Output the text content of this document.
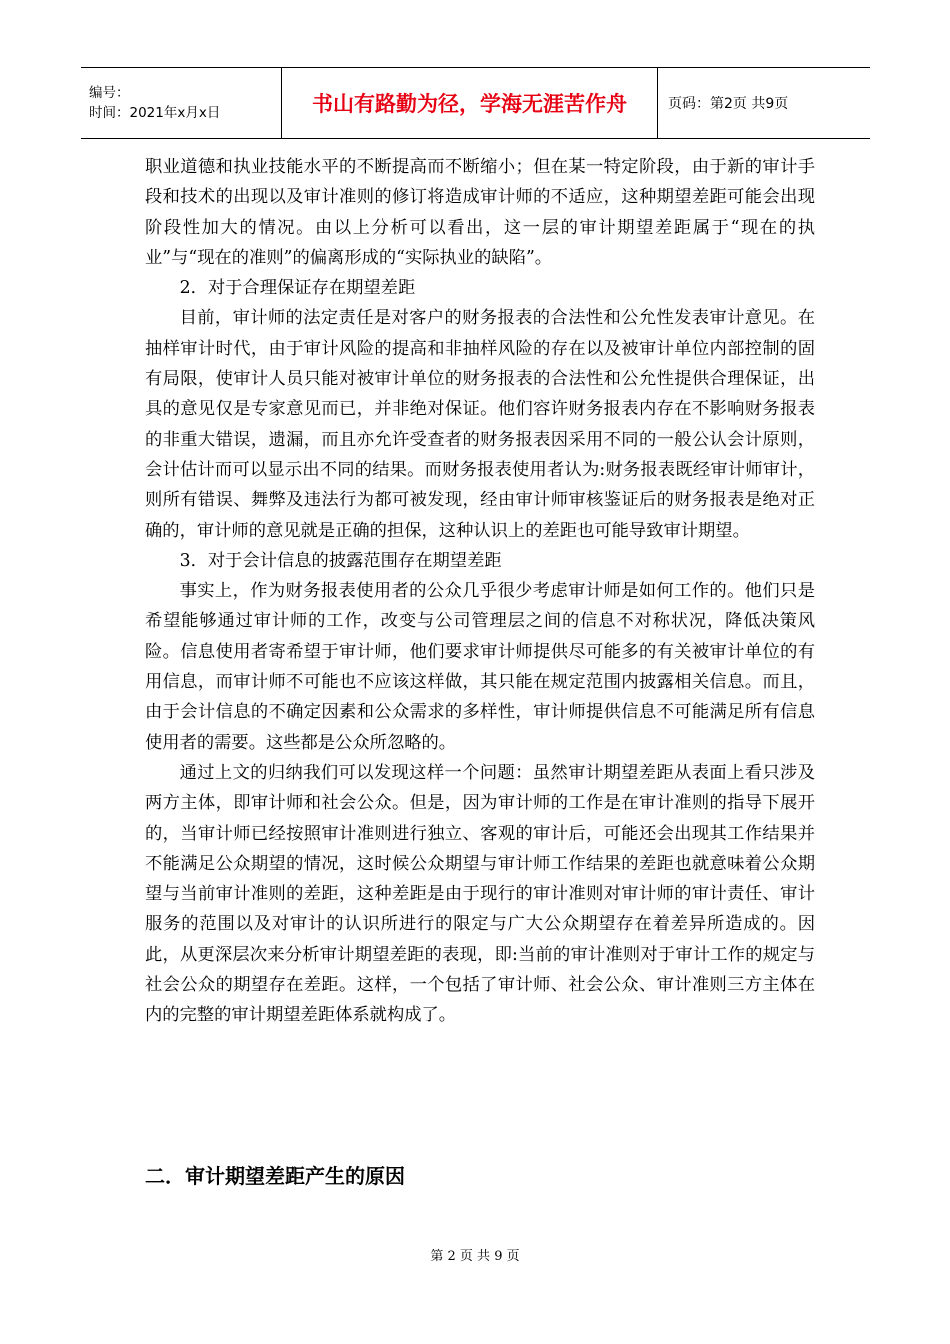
编号：
时间：2021年x月x日	书山有路勤为径，学海无涯苦作舟	页码：第2页 共9页

职业道德和执业技能水平的不断提高而不断缩小；但在某一特定阶段，由于新的审计手段和技术的出现以及审计准则的修订将造成审计师的不适应，这种期望差距可能会出现阶段性加大的情况。由以上分析可以看出，这一层的审计期望差距属于“现在的执业”与“现在的准则”的偏离形成的“实际执业的缺陷”。

2．对于合理保证存在期望差距

目前，审计师的法定责任是对客户的财务报表的合法性和公允性发表审计意见。在抽样审计时代，由于审计风险的提高和非抽样风险的存在以及被审计单位内部控制的固有局限，使审计人员只能对被审计单位的财务报表的合法性和公允性提供合理保证，出具的意见仅是专家意见而已，并非绝对保证。他们容许财务报表内存在不影响财务报表的非重大错误，遗漏，而且亦允许受查者的财务报表因采用不同的一般公认会计原则，会计估计而可以显示出不同的结果。而财务报表使用者认为:财务报表既经审计师审计，则所有错误、舞弊及违法行为都可被发现，经由审计师审核鉴证后的财务报表是绝对正确的，审计师的意见就是正确的担保，这种认识上的差距也可能导致审计期望。

3．对于会计信息的披露范围存在期望差距

事实上，作为财务报表使用者的公众几乎很少考虑审计师是如何工作的。他们只是希望能够通过审计师的工作，改变与公司管理层之间的信息不对称状况，降低决策风险。信息使用者寄希望于审计师，他们要求审计师提供尽可能多的有关被审计单位的有用信息，而审计师不可能也不应该这样做，其只能在规定范围内披露相关信息。而且，由于会计信息的不确定因素和公众需求的多样性，审计师提供信息不可能满足所有信息使用者的需要。这些都是公众所忽略的。

通过上文的归纳我们可以发现这样一个问题：虽然审计期望差距从表面上看只涉及两方主体，即审计师和社会公众。但是，因为审计师的工作是在审计准则的指导下展开的，当审计师已经按照审计准则进行独立、客观的审计后，可能还会出现其工作结果并不能满足公众期望的情况，这时候公众期望与审计师工作结果的差距也就意味着公众期望与当前审计准则的差距，这种差距是由于现行的审计准则对审计师的审计责任、审计服务的范围以及对审计的认识所进行的限定与广大公众期望存在着差异所造成的。因此，从更深层次来分析审计期望差距的表现，即:当前的审计准则对于审计工作的规定与社会公众的期望存在差距。这样，一个包括了审计师、社会公众、审计准则三方主体在内的完整的审计期望差距体系就构成了。

二．审计期望差距产生的原因
第 2 页 共 9 页
